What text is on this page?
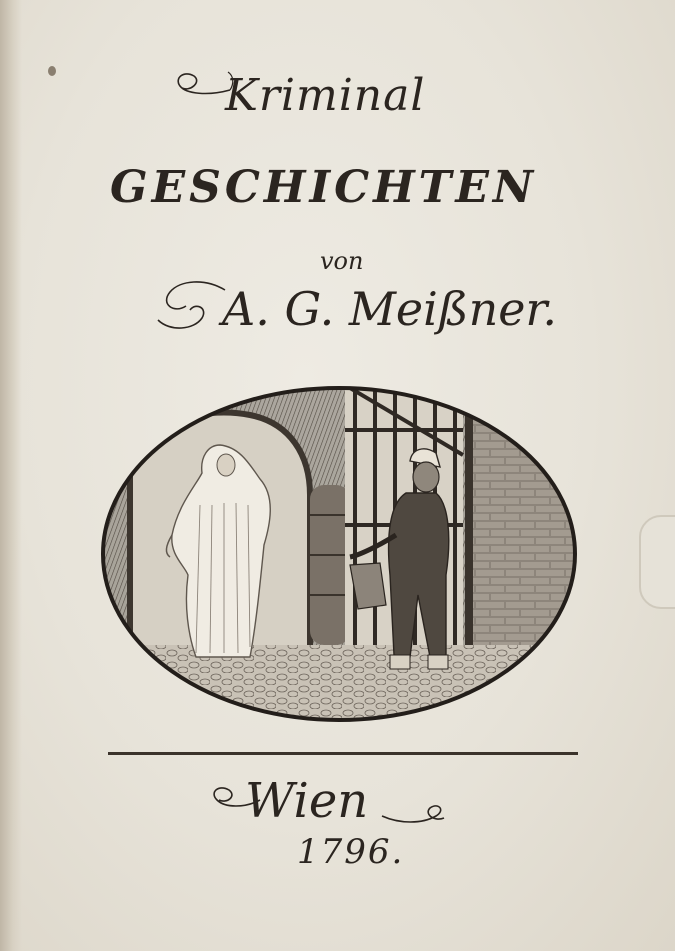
Kriminal
GESCHICHTEN
von
A. G. Meißner.
Wien
1796.
